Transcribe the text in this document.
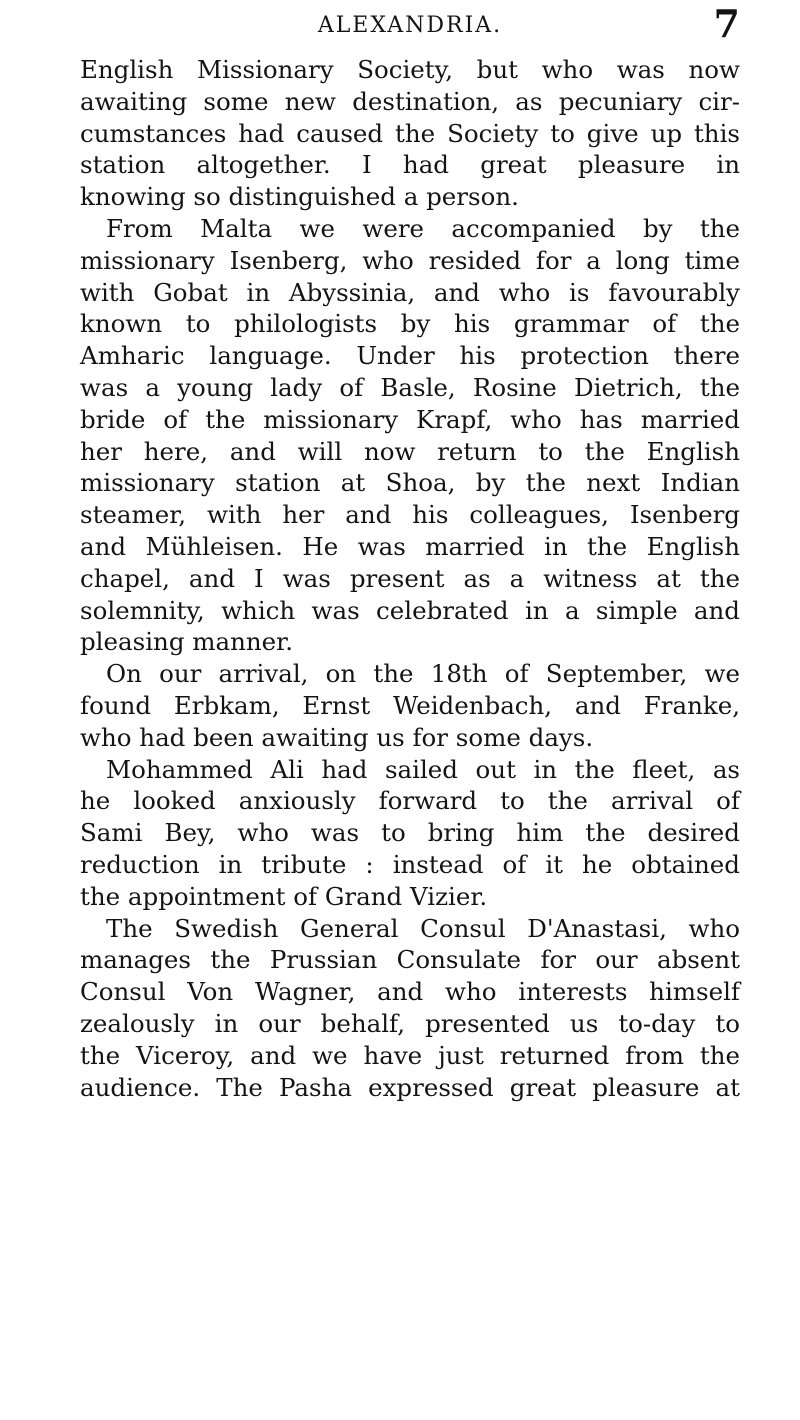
ALEXANDRIA.	7

English Missionary Society, but who was now
awaiting some new destination, as pecuniary cir-
cumstances had caused the Society to give up this
station altogether. I had great pleasure in
knowing so distinguished a person.

From Malta we were accompanied by the
missionary Isenberg, who resided for a long time
with Gobat in Abyssinia, and who is favourably
known to philologists by his grammar of the
Amharic language. Under his protection there
was a young lady of Basle, Rosine Dietrich, the
bride of the missionary Krapf, who has married
her here, and will now return to the English
missionary station at Shoa, by the next Indian
steamer, with her and his colleagues, Isenberg
and Mühleisen. He was married in the English
chapel, and I was present as a witness at the
solemnity, which was celebrated in a simple and
pleasing manner.

On our arrival, on the 18th of September, we
found Erbkam, Ernst Weidenbach, and Franke,
who had been awaiting us for some days.

Mohammed Ali had sailed out in the fleet, as
he looked anxiously forward to the arrival of
Sami Bey, who was to bring him the desired
reduction in tribute : instead of it he obtained
the appointment of Grand Vizier.

The Swedish General Consul D'Anastasi, who
manages the Prussian Consulate for our absent
Consul Von Wagner, and who interests himself
zealously in our behalf, presented us to-day to
the Viceroy, and we have just returned from the
audience. The Pasha expressed great pleasure at
